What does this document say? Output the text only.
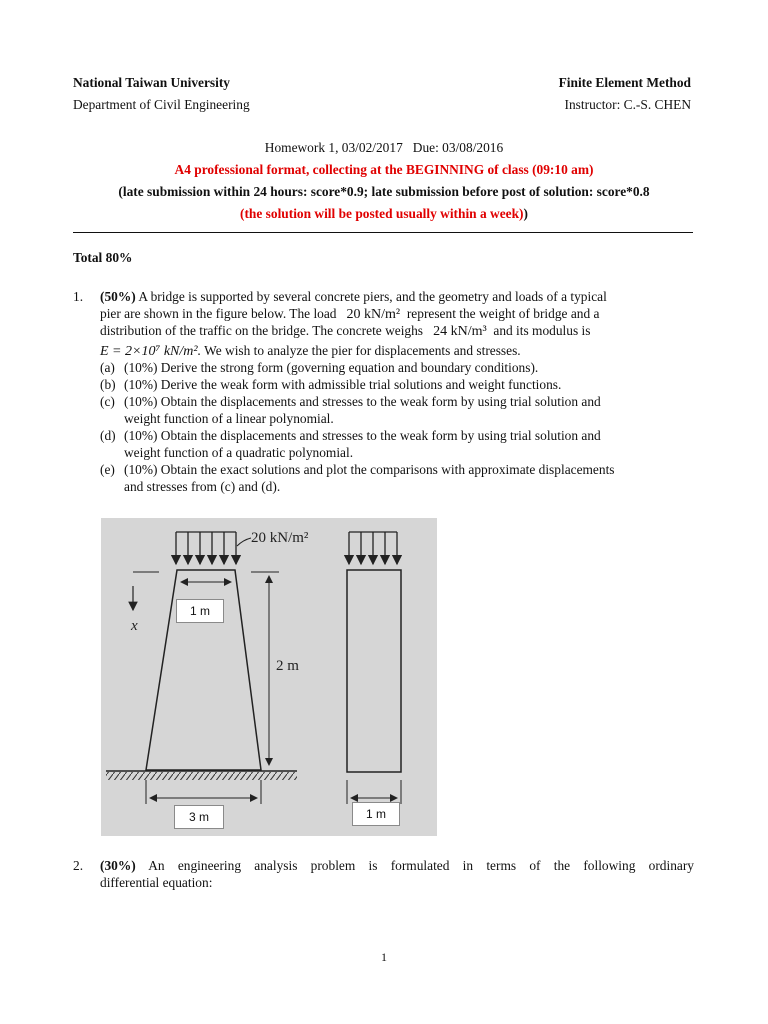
National Taiwan University
Department of Civil Engineering
Finite Element Method
Instructor: C.-S. CHEN
Homework 1, 03/02/2017   Due: 03/08/2016
A4 professional format, collecting at the BEGINNING of class (09:10 am)
(late submission within 24 hours: score*0.9; late submission before post of solution: score*0.8
(the solution will be posted usually within a week))
Total 80%
1. (50%) A bridge is supported by several concrete piers, and the geometry and loads of a typical
pier are shown in the figure below. The load 20 kN/m² represent the weight of bridge and a
distribution of the traffic on the bridge. The concrete weighs 24 kN/m³ and its modulus is
E = 2×10⁷ kN/m². We wish to analyze the pier for displacements and stresses.
(a) (10%) Derive the strong form (governing equation and boundary conditions).
(b) (10%) Derive the weak form with admissible trial solutions and weight functions.
(c) (10%) Obtain the displacements and stresses to the weak form by using trial solution and
weight function of a linear polynomial.
(d) (10%) Obtain the displacements and stresses to the weak form by using trial solution and
weight function of a quadratic polynomial.
(e) (10%) Obtain the exact solutions and plot the comparisons with approximate displacements
and stresses from (c) and (d).
20 kN/m²
x
2 m
1 m
3 m	1 m
2. (30%) An engineering analysis problem is formulated in terms of the following ordinary
differential equation:
1
